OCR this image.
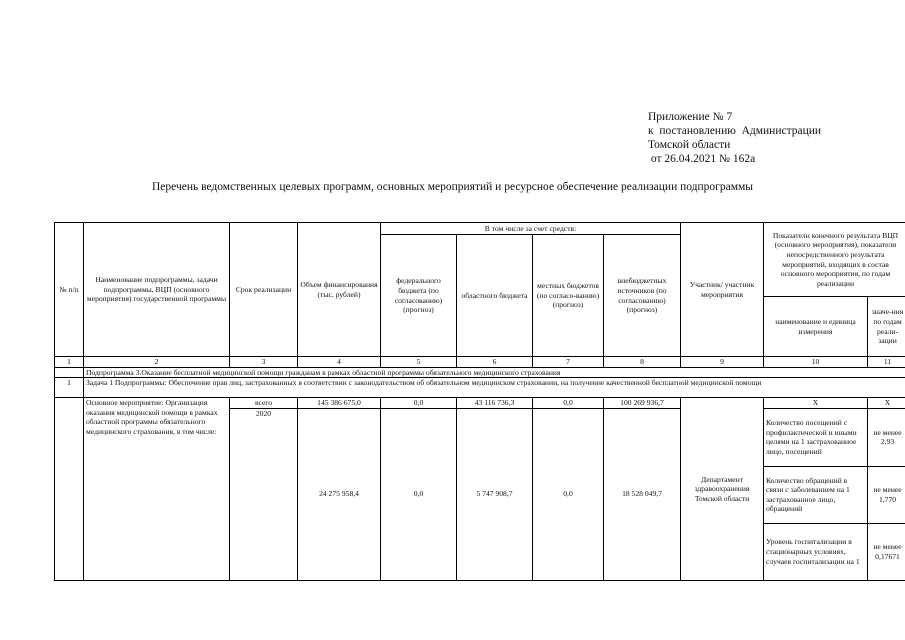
Приложение № 7
к  постановлению  Администрации
Томской области
от 26.04.2021 № 162а
Перечень ведомственных целевых программ, основных мероприятий и ресурсное обеспечение реализации подпрограммы
№ п/п	Наименование подпрограммы, задачи подпрограммы, ВЦП (основного мероприятия) государственной программы	Срок реализации	Объем финансирования (тыс. рублей)	В том числе за счет средств:				Участник/ участник мероприятия	Показатели конечного результата ВЦП (основного мероприятия), показатели непосредственного результата мероприятий, входящих в состав основного мероприятия, по годам реализации	
				федерального бюджета (по согласованию) (прогноз)	областного бюджета	местных бюджетов (по согласо-ванию) (прогноз)	внебюджетных источников (по согласованию) (прогноз)			
									наименование и единица измерения	значе-ния по годам реали-зации
1	2	3	4	5	6	7	8	9	10	11
	Подпрограмма 3.Оказание бесплатной медицинской помощи гражданам в рамках областной программы обязательного медицинского страхования									
1	Задача 1 Подпрограммы: Обеспечение прав лиц, застрахованных в соответствии с законодательством об обязательном медицинском страховании, на получение качественной бесплатной медицинской помощи									
	Основное мероприятие: Организация оказания медицинской помощи в рамках областной программы обязательного медицинского страхования, в том числе:	всего	145 386 675,0	0,0	43 116 736,3	0,0	100 269 936,7	Департамент здравоохранения Томской области	Х	Х
		2020	24 275 958,4	0,0	5 747 908,7	0,0	18 528 049,7		Количество посещений с профилактической и иными целями на 1 застрахованное лицо, посещений	не менее 2,93
									Количество обращений в связи с заболеванием на 1 застрахованное лицо, обращений	не менее 1,770
									Уровень госпитализации в стационарных условиях, случаев госпитализации на 1	не менее 0,17671
